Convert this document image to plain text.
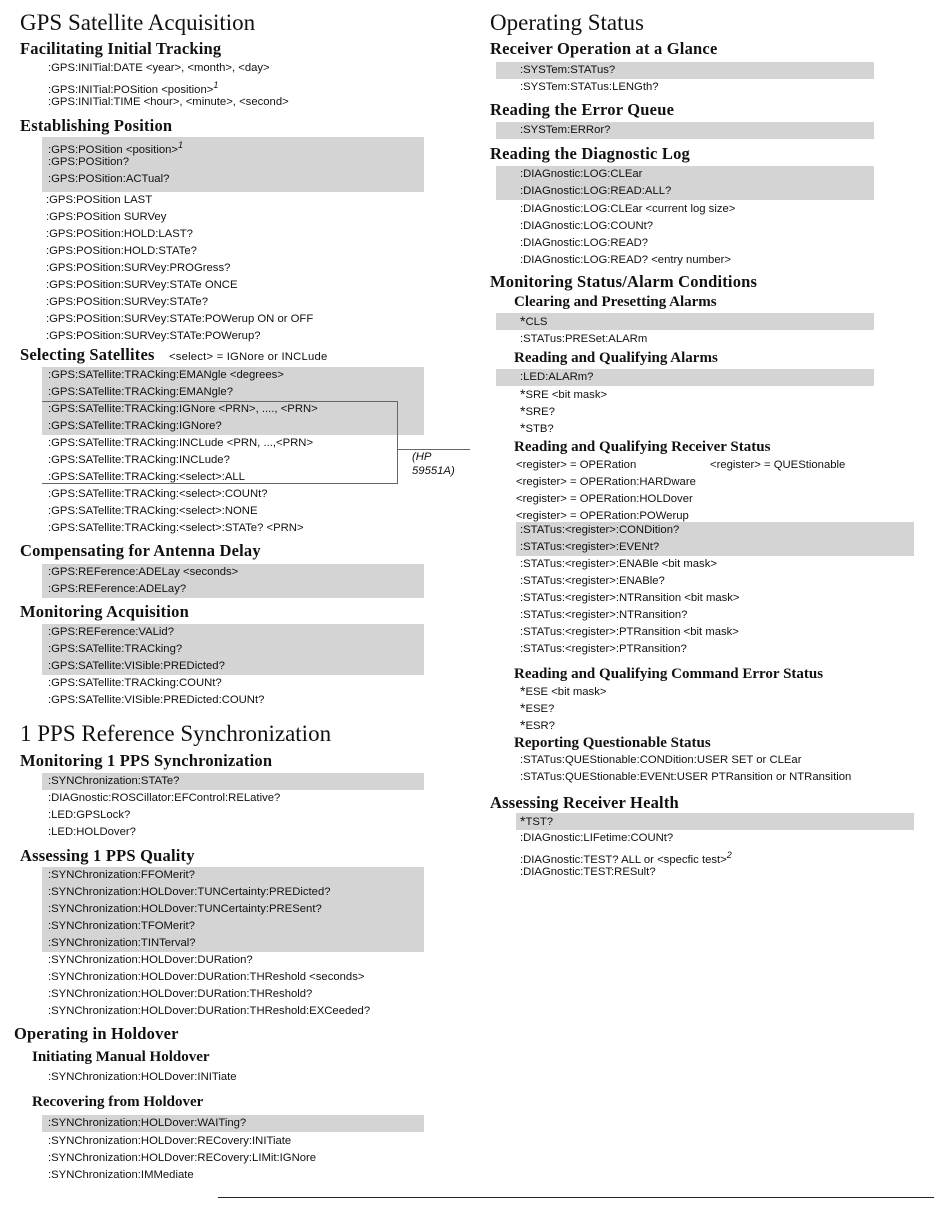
GPS Satellite Acquisition
Facilitating Initial Tracking
:GPS:INITial:DATE <year>, <month>, <day>
:GPS:INITial:POSition <position>$^1$
:GPS:INITial:TIME <hour>, <minute>, <second>
Establishing Position
:GPS:POSition <position>$^1$
:GPS:POSition?
:GPS:POSition:ACTual?
:GPS:POSition LAST
:GPS:POSition SURVey
:GPS:POSition:HOLD:LAST?
:GPS:POSition:HOLD:STATe?
:GPS:POSition:SURVey:PROGress?
:GPS:POSition:SURVey:STATe ONCE
:GPS:POSition:SURVey:STATe?
:GPS:POSition:SURVey:STATe:POWerup ON or OFF
:GPS:POSition:SURVey:STATe:POWerup?
Selecting Satellites <select> = IGNore or INCLude
:GPS:SATellite:TRACking:EMANgle <degrees>
:GPS:SATellite:TRACking:EMANgle?
:GPS:SATellite:TRACking:IGNore <PRN>, ...., <PRN>
:GPS:SATellite:TRACking:IGNore?
:GPS:SATellite:TRACking:INCLude <PRN, ...,<PRN>
:GPS:SATellite:TRACking:INCLude?
:GPS:SATellite:TRACking:<select>:ALL
:GPS:SATellite:TRACking:<select>:COUNt?
:GPS:SATellite:TRACking:<select>:NONE
:GPS:SATellite:TRACking:<select>:STATe? <PRN>
(HP 59551A)
Compensating for Antenna Delay
:GPS:REFerence:ADELay <seconds>
:GPS:REFerence:ADELay?
Monitoring Acquisition
:GPS:REFerence:VALid?
:GPS:SATellite:TRACking?
:GPS:SATellite:VISible:PREDicted?
:GPS:SATellite:TRACking:COUNt?
:GPS:SATellite:VISible:PREDicted:COUNt?
1 PPS Reference Synchronization
Monitoring 1 PPS Synchronization
:SYNChronization:STATe?
:DIAGnostic:ROSCillator:EFControl:RELative?
:LED:GPSLock?
:LED:HOLDover?
Assessing 1 PPS Quality
:SYNChronization:FFOMerit?
:SYNChronization:HOLDover:TUNCertainty:PREDicted?
:SYNChronization:HOLDover:TUNCertainty:PRESent?
:SYNChronization:TFOMerit?
:SYNChronization:TINTerval?
:SYNChronization:HOLDover:DURation?
:SYNChronization:HOLDover:DURation:THReshold <seconds>
:SYNChronization:HOLDover:DURation:THReshold?
:SYNChronization:HOLDover:DURation:THReshold:EXCeeded?
Operating in Holdover
Initiating Manual Holdover
:SYNChronization:HOLDover:INITiate
Recovering from Holdover
:SYNChronization:HOLDover:WAITing?
:SYNChronization:HOLDover:RECovery:INITiate
:SYNChronization:HOLDover:RECovery:LIMit:IGNore
:SYNChronization:IMMediate
Operating Status
Receiver Operation at a Glance
:SYSTem:STATus?
:SYSTem:STATus:LENGth?
Reading the Error Queue
:SYSTem:ERRor?
Reading the Diagnostic Log
:DIAGnostic:LOG:CLEar
:DIAGnostic:LOG:READ:ALL?
:DIAGnostic:LOG:CLEar <current log size>
:DIAGnostic:LOG:COUNt?
:DIAGnostic:LOG:READ?
:DIAGnostic:LOG:READ? <entry number>
Monitoring Status/Alarm Conditions
Clearing and Presetting Alarms
*CLS
:STATus:PRESet:ALARm
Reading and Qualifying Alarms
:LED:ALARm?
*SRE <bit mask>
*SRE?
*STB?
Reading and Qualifying Receiver Status
<register> = OPERation	<register> = QUEStionable
<register> = OPERation:HARDware
<register> = OPERation:HOLDover
<register> = OPERation:POWerup
:STATus:<register>:CONDition?
:STATus:<register>:EVENt?
:STATus:<register>:ENABle <bit mask>
:STATus:<register>:ENABle?
:STATus:<register>:NTRansition <bit mask>
:STATus:<register>:NTRansition?
:STATus:<register>:PTRansition <bit mask>
:STATus:<register>:PTRansition?
Reading and Qualifying Command Error Status
*ESE <bit mask>
*ESE?
*ESR?
Reporting Questionable Status
:STATus:QUEStionable:CONDition:USER SET or CLEar
:STATus:QUEStionable:EVENt:USER PTRansition or NTRansition
Assessing Receiver Health
*TST?
:DIAGnostic:LIFetime:COUNt?
:DIAGnostic:TEST? ALL or <specfic test>$^2$
:DIAGnostic:TEST:RESult?
